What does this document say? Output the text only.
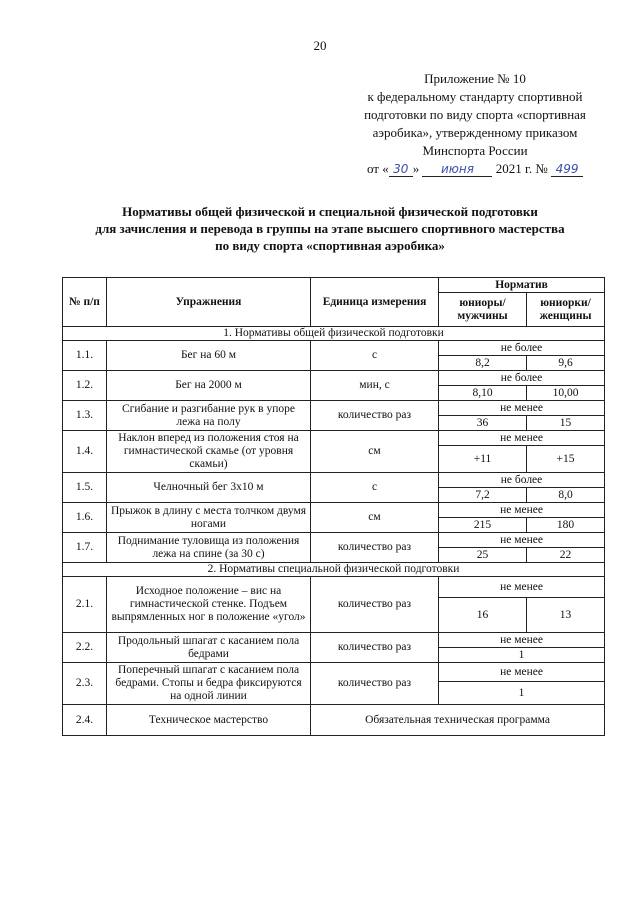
20
Приложение № 10
к федеральному стандарту спортивной
подготовки по виду спорта «спортивная
аэробика», утвержденному приказом
Минспорта России
от « 30 » июня 2021 г. № 499
Нормативы общей физической и специальной физической подготовки
для зачисления и перевода в группы на этапе высшего спортивного мастерства
по виду спорта «спортивная аэробика»
№ п/п	Упражнения	Единица измерения	Норматив	
			юниоры/ мужчины	юниорки/ женщины
1. Нормативы общей физической подготовки				
1.1.	Бег на 60 м	с	не более	
			8,2	9,6
1.2.	Бег на 2000 м	мин, с	не более	
			8,10	10,00
1.3.	Сгибание и разгибание рук в упоре лежа на полу	количество раз	не менее	
			36	15
1.4.	Наклон вперед из положения стоя на гимнастической скамье (от уровня скамьи)	см	не менее	
			+11	+15
1.5.	Челночный бег 3х10 м	с	не более	
			7,2	8,0
1.6.	Прыжок в длину с места толчком двумя ногами	см	не менее	
			215	180
1.7.	Поднимание туловища из положения лежа на спине (за 30 с)	количество раз	не менее	
			25	22
2. Нормативы специальной физической подготовки				
2.1.	Исходное положение – вис на гимнастической стенке. Подъем выпрямленных ног в положение «угол»	количество раз	не менее	
			16	13
2.2.	Продольный шпагат с касанием пола бедрами	количество раз	не менее	
			1	
2.3.	Поперечный шпагат с касанием пола бедрами. Стопы и бедра фиксируются на одной линии	количество раз	не менее	
			1	
2.4.	Техническое мастерство	Обязательная техническая программа		
